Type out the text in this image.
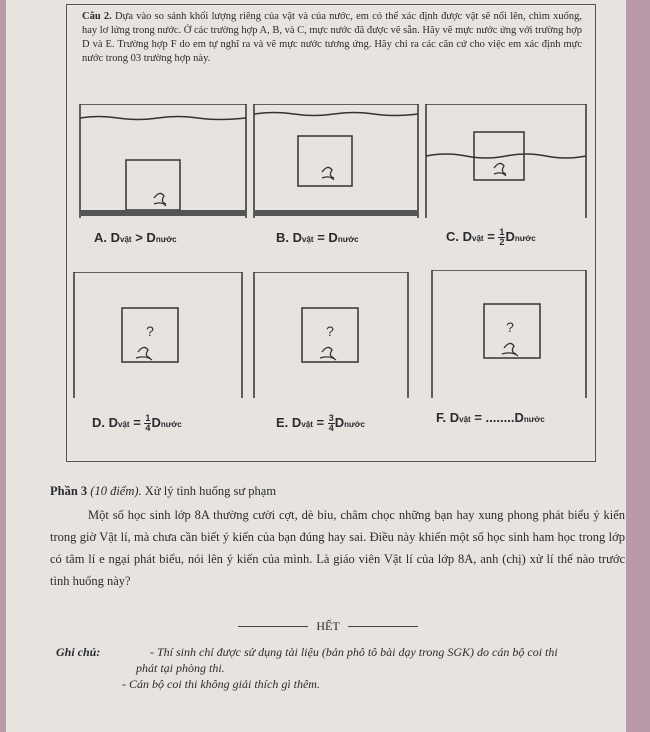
Câu 2. Dựa vào so sánh khối lượng riêng của vật và của nước, em có thể xác định được vật sẽ nổi lên, chìm xuống, hay lơ lửng trong nước. Ở các trường hợp A, B, và C, mực nước đã được vẽ sẵn. Hãy vẽ mực nước ứng với trường hợp D và E. Trường hợp F do em tự nghĩ ra và vẽ mực nước tương ứng. Hãy chỉ ra các căn cứ cho việc em xác định mực nước trong 03 trường hợp này.
A. Dvật > Dnước	B. Dvật = Dnước	C. Dvật = $\frac{1}{2}$ Dnước
?	?	?
D. Dvật = $\frac{1}{4}$ Dnước	E. Dvật = $\frac{3}{4}$ Dnước	F. Dvật = ........Dnước

Phần 3 (10 điểm). Xử lý tình huống sư phạm

Một số học sinh lớp 8A thường cười cợt, dè bỉu, châm chọc những bạn hay xung phong phát biểu ý kiến trong giờ Vật lí, mà chưa cần biết ý kiến của bạn đúng hay sai. Điều này khiến một số học sinh ham học trong lớp có tâm lí e ngại phát biểu, nói lên ý kiến của mình. Là giáo viên Vật lí của lớp 8A, anh (chị) xử lí thế nào trước tình huống này?

HẾT
Ghi chú:	- Thí sinh chỉ được sử dụng tài liệu (bản phô tô bài dạy trong SGK) do cán bộ coi thi
phát tại phòng thi.
- Cán bộ coi thi không giải thích gì thêm.
